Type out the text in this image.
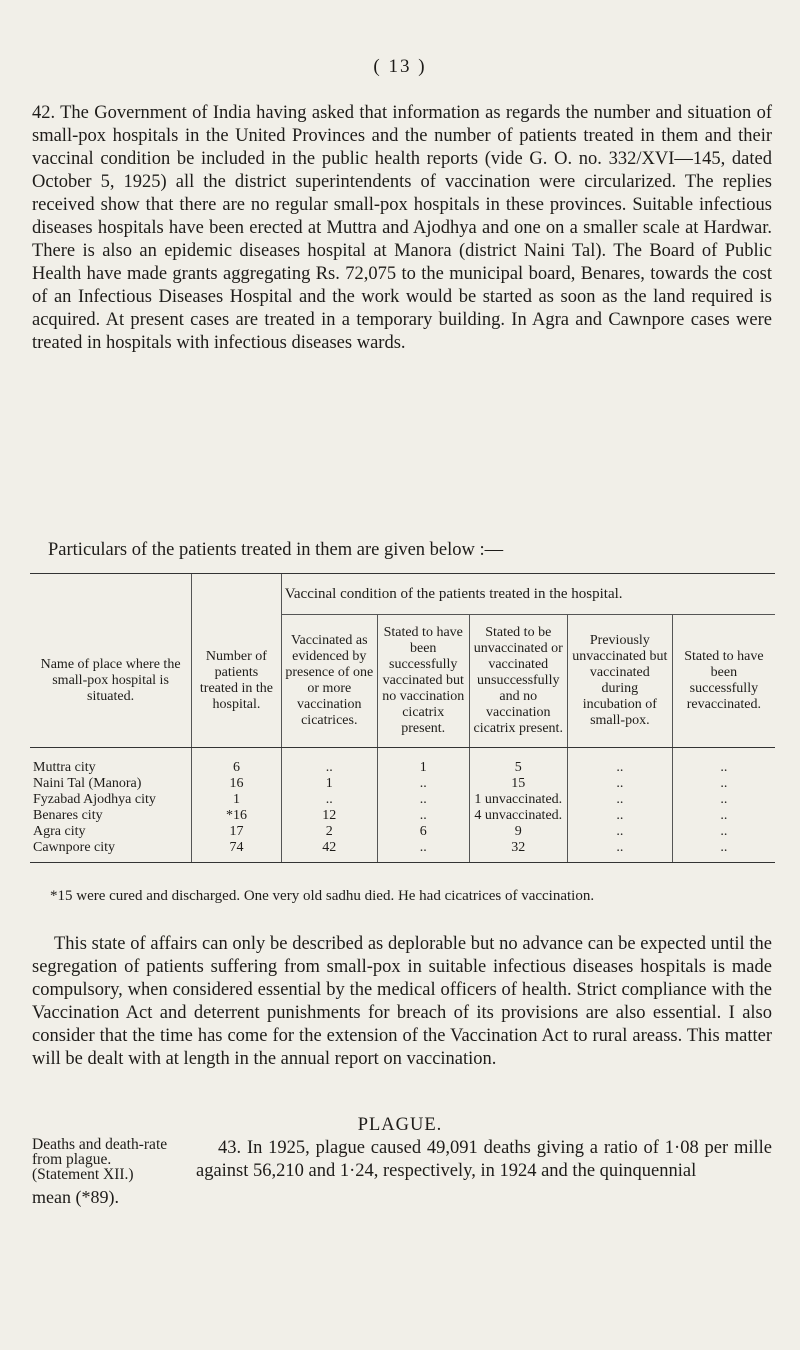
( 13 )
42. The Government of India having asked that information as regards the number and situation of small-pox hospitals in the United Provinces and the number of patients treated in them and their vaccinal condition be included in the public health reports (vide G. O. no. 332/XVI—145, dated October 5, 1925) all the district superintendents of vaccination were circularized. The replies received show that there are no regular small-pox hospitals in these provinces. Suitable infectious diseases hospitals have been erected at Muttra and Ajodhya and one on a smaller scale at Hardwar. There is also an epidemic diseases hospital at Manora (district Naini Tal). The Board of Public Health have made grants aggregating Rs. 72,075 to the municipal board, Benares, towards the cost of an Infectious Diseases Hospital and the work would be started as soon as the land required is acquired. At present cases are treated in a temporary building. In Agra and Cawnpore cases were treated in hospitals with infectious diseases wards.
Particulars of the patients treated in them are given below :—
		Vaccinal condition of the patients treated in the hospital.				
Name of place where the small-pox hospital is situated.	Number of patients treated in the hospital.	Vaccinated as evidenced by presence of one or more vaccination cicatrices.	Stated to have been successfully vaccinated but no vaccination cicatrix present.	Stated to be unvaccinated or vaccinated unsuccessfully and no vaccination cicatrix present.	Previously unvaccinated but vaccinated during incubation of small-pox.	Stated to have been successfully revaccinated.
Muttra city	6	..	1	5	..	..
Naini Tal (Manora)	16	1	..	15	..	..
Fyzabad Ajodhya city	1	..	..	1 unvaccinated.	..	..
Benares city	*16	12	..	4 unvaccinated.	..	..
Agra city	17	2	6	9	..	..
Cawnpore city	74	42	..	32	..	..
*15 were cured and discharged. One very old sadhu died. He had cicatrices of vaccination.
This state of affairs can only be described as deplorable but no advance can be expected until the segregation of patients suffering from small-pox in suitable infectious diseases hospitals is made compulsory, when considered essential by the medical officers of health. Strict compliance with the Vaccination Act and deterrent punishments for breach of its provisions are also essential. I also consider that the time has come for the extension of the Vaccination Act to rural areass. This matter will be dealt with at length in the annual report on vaccination.
PLAGUE.
Deaths and death-rate from plague. (Statement XII.)
mean (*89).
43. In 1925, plague caused 49,091 deaths giving a ratio of 1·08 per mille against 56,210 and 1·24, respectively, in 1924 and the quinquennial
